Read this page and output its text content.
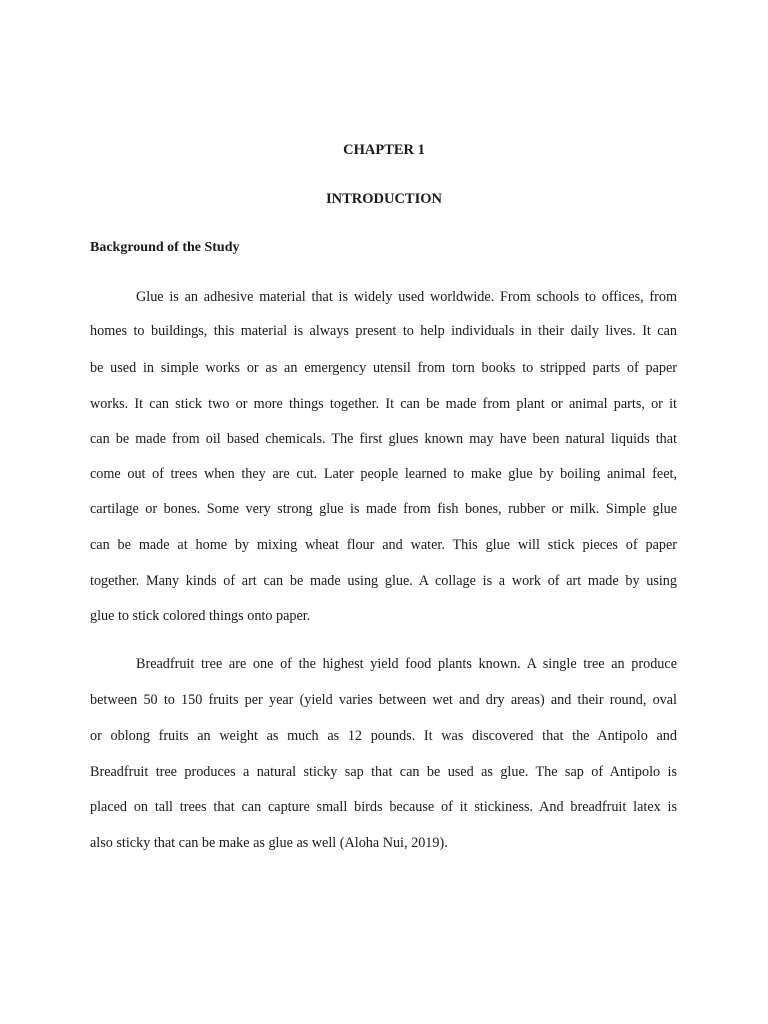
CHAPTER 1
INTRODUCTION
Background of the Study

Glue is an adhesive material that is widely used worldwide. From schools to offices, from

homes to buildings, this material is always present to help individuals in their daily lives. It can

be used in simple works or as an emergency utensil from torn books to stripped parts of paper

works. It can stick two or more things together. It can be made from plant or animal parts, or it

can be made from oil based chemicals. The first glues known may have been natural liquids that

come out of trees when they are cut. Later people learned to make glue by boiling animal feet,

cartilage or bones. Some very strong glue is made from fish bones, rubber or milk. Simple glue

can be made at home by mixing wheat flour and water. This glue will stick pieces of paper

together. Many kinds of art can be made using glue. A collage is a work of art made by using

glue to stick colored things onto paper.

Breadfruit tree are one of the highest yield food plants known. A single tree an produce

between 50 to 150 fruits per year (yield varies between wet and dry areas) and their round, oval

or oblong fruits an weight as much as 12 pounds. It was discovered that the Antipolo and

Breadfruit tree produces a natural sticky sap that can be used as glue. The sap of Antipolo is

placed on tall trees that can capture small birds because of it stickiness. And breadfruit latex is

also sticky that can be make as glue as well (Aloha Nui, 2019).
